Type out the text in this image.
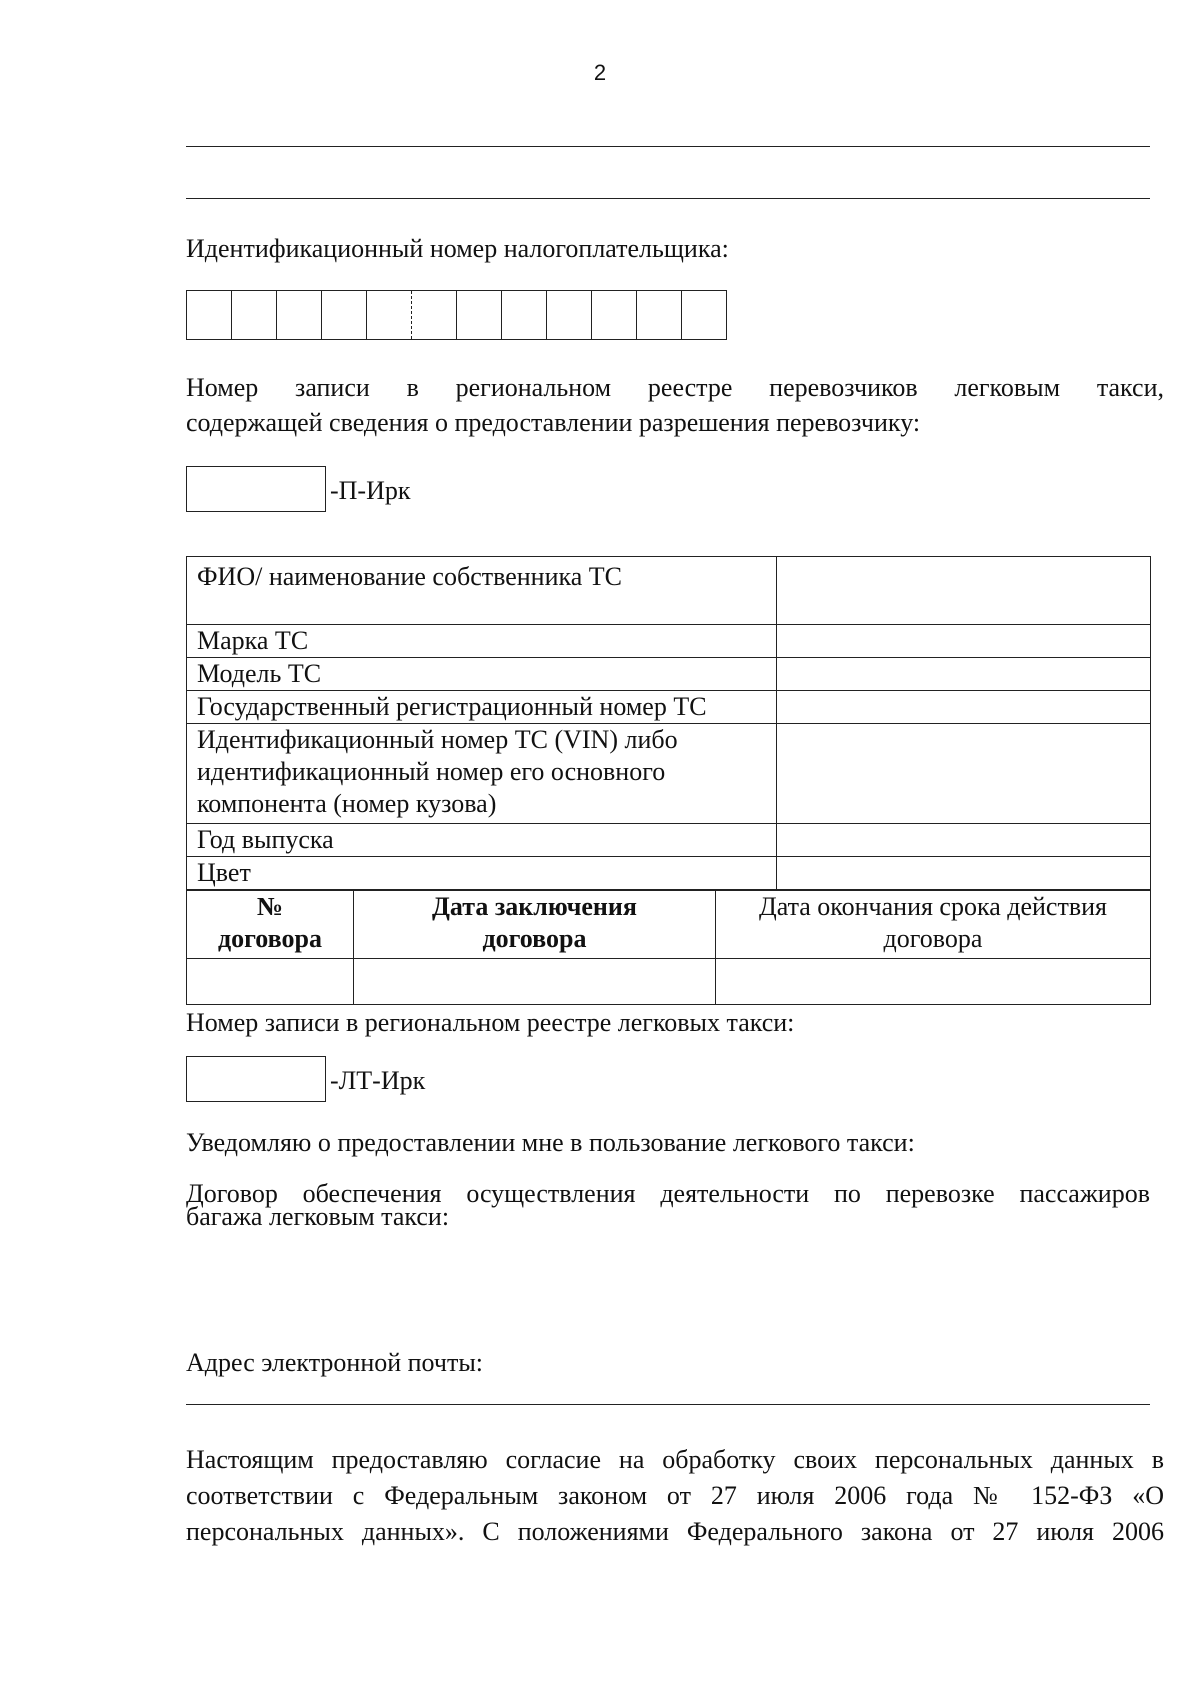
2
Идентификационный номер налогоплательщика:
Номер записи в региональном реестре перевозчиков легковым такси,
содержащей сведения о предоставлении разрешения перевозчику:
-П-Ирк
ФИО/ наименование собственника ТС	
Марка ТС	
Модель ТС	
Государственный регистрационный номер ТС	
Идентификационный номер ТС (VIN) либо идентификационный номер его основного компонента (номер кузова)	
Год выпуска	
Цвет	
№ договора	Дата заключения договора	Дата окончания срока действия договора

Номер записи в региональном реестре легковых такси:
-ЛТ-Ирк
Уведомляю о предоставлении мне в пользование легкового такси:
Договор обеспечения осуществления деятельности по перевозке пассажиров
багажа легковым такси:
Адрес электронной почты:
Настоящим предоставляю согласие на обработку своих персональных данных в
соответствии с Федеральным законом от 27 июля 2006 года № 152-ФЗ «О
персональных данных». С положениями Федерального закона от 27 июля 2006
